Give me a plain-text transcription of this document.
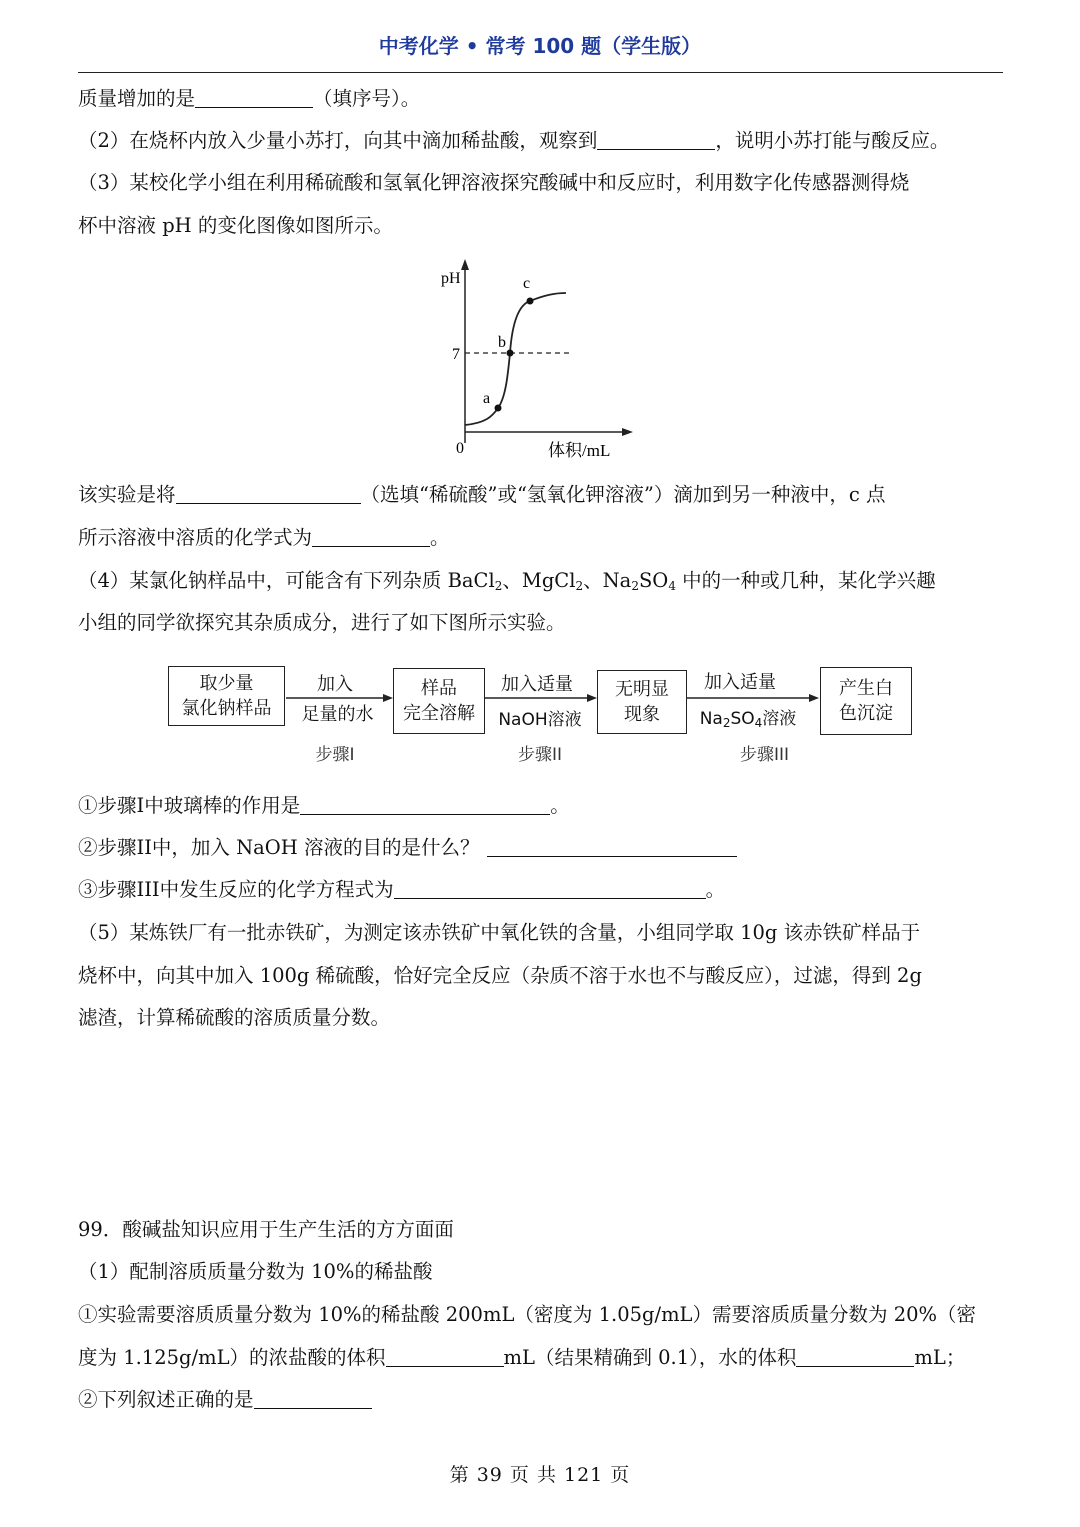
中考化学 • 常考 100 题（学生版）
质量增加的是	（填序号）。
（2）在烧杯内放入少量小苏打，向其中滴加稀盐酸，观察到	，说明小苏打能与酸反应。
（3）某校化学小组在利用稀硫酸和氢氧化钾溶液探究酸碱中和反应时，利用数字化传感器测得烧
杯中溶液 pH 的变化图像如图所示。
pH
7
0	体积/mL
a
b
c
该实验是将	（选填“稀硫酸”或“氢氧化钾溶液”）滴加到另一种液中，c 点
所示溶液中溶质的化学式为	。
（4）某氯化钠样品中，可能含有下列杂质 BaCl$_2$、MgCl$_2$、$Na_2SO_4$ 中的一种或几种，某化学兴趣
小组的同学欲探究其杂质成分，进行了如下图所示实验。
取少量
氯化钠样品
样品
完全溶解
无明显
现象
产生白
色沉淀
加入
足量的水
加入适量
NaOH溶液
加入适量
$Na_2SO_4$溶液
步骤I	步骤II	步骤III
①步骤I中玻璃棒的作用是	。
②步骤II中，加入 NaOH 溶液的目的是什么？
③步骤III中发生反应的化学方程式为	。
（5）某炼铁厂有一批赤铁矿，为测定该赤铁矿中氧化铁的含量，小组同学取 10g 该赤铁矿样品于
烧杯中，向其中加入 100g 稀硫酸，恰好完全反应（杂质不溶于水也不与酸反应），过滤，得到 2g
滤渣，计算稀硫酸的溶质质量分数。
99．酸碱盐知识应用于生产生活的方方面面
（1）配制溶质质量分数为 10%的稀盐酸
①实验需要溶质质量分数为 10%的稀盐酸 200mL（密度为 1.05g/mL）需要溶质质量分数为 20%（密
度为 1.125g/mL）的浓盐酸的体积	mL（结果精确到 0.1），水的体积	mL；
②下列叙述正确的是
第 39 页 共 121 页
